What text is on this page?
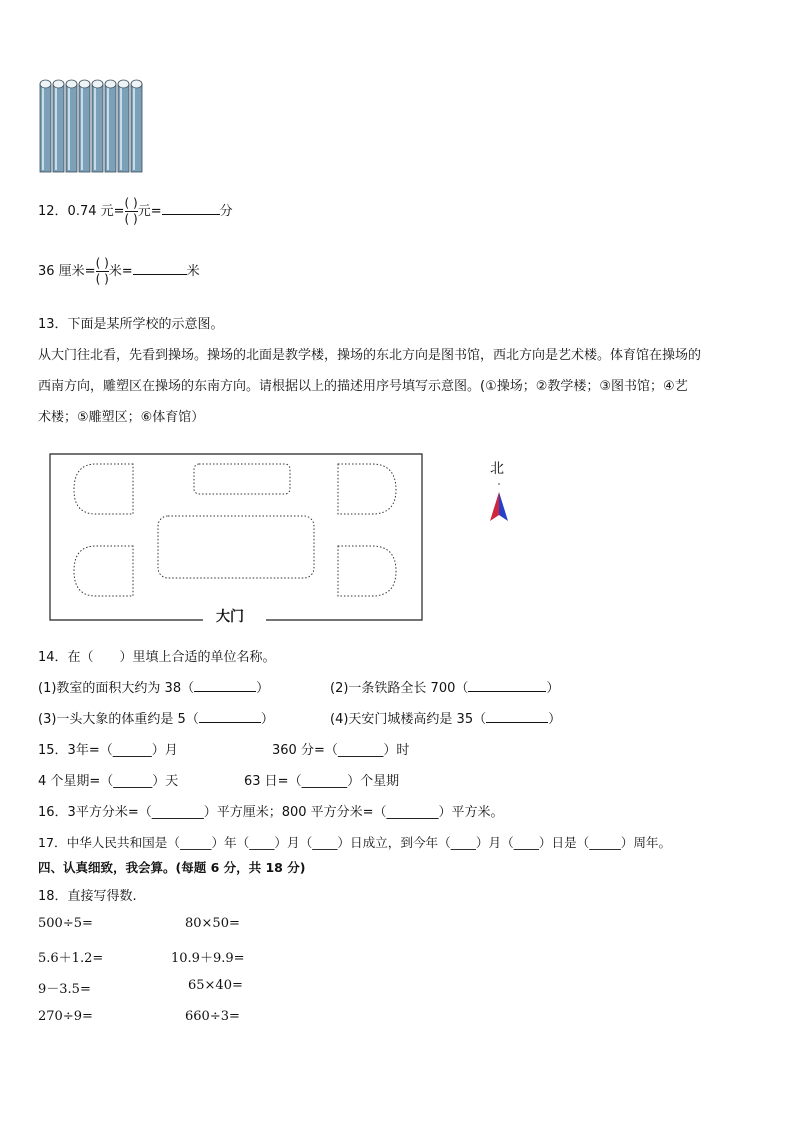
12．0.74 元= $\frac{( )}{( )}$ 元=	分
36 厘米= $\frac{( )}{( )}$ 米=	米
13．下面是某所学校的示意图。
从大门往北看，先看到操场。操场的北面是教学楼，操场的东北方向是图书馆，西北方向是艺术楼。体育馆在操场的
西南方向，雕塑区在操场的东南方向。请根据以上的描述用序号填写示意图。(①操场；②教学楼；③图书馆；④艺
术楼；⑤雕塑区；⑥体育馆）
大门
北
14．在（　　）里填上合适的单位名称。
(1)教室的面积大约为 38（	）	(2)一条铁路全长 700（	）
(3)一头大象的体重约是 5（	）	(4)天安门城楼高约是 35（	）
15．3年=（______）月	360 分=（_______）时
4 个星期=（______）天	63 日=（_______）个星期
16．3平方分米=（________）平方厘米；800 平方分米=（________）平方米。
17．中华人民共和国是（_____）年（____）月（____）日成立，到今年（____）月（____）日是（_____）周年。
四、认真细致，我会算。(每题 6 分，共 18 分)
18．直接写得数.
500÷5=	80×50=
5.6＋1.2=	10.9＋9.9=
9－3.5=	65×40=
270÷9=	660÷3=
